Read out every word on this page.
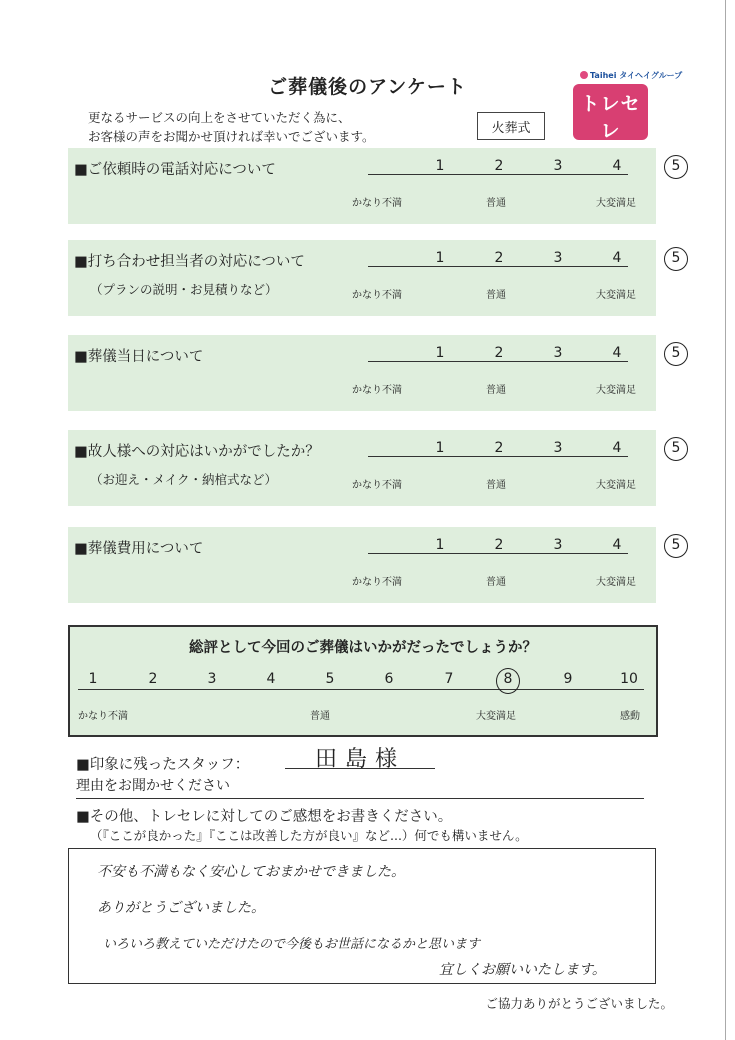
ご葬儀後のアンケート
更なるサービスの向上をさせていただく為に、
お客様の声をお聞かせ頂ければ幸いでございます。
火葬式
Taihei タイヘイグループ
トレセレ
■ご依頼時の電話対応について	1	2	3	4	5
かなり不満	普通	大変満足
■打ち合わせ担当者の対応について
（プランの説明・お見積りなど）
1	2	3	4	5
かなり不満	普通	大変満足
■葬儀当日について	1	2	3	4	5
かなり不満	普通	大変満足
■故人様への対応はいかがでしたか？
（お迎え・メイク・納棺式など）
1	2	3	4	5
かなり不満	普通	大変満足
■葬儀費用について	1	2	3	4	5
かなり不満	普通	大変満足
総評として今回のご葬儀はいかがだったでしょうか？
1	2	3	4	5	6	7	8	9	10
かなり不満	普通	大変満足	感動
■印象に残ったスタッフ：	田島様
理由をお聞かせください
■その他、トレセレに対してのご感想をお書きください。
（『ここが良かった』『ここは改善した方が良い』など...）何でも構いません。
不安も不満もなく安心しておまかせできました。
ありがとうございました。
いろいろ教えていただけたので今後もお世話になるかと思います
宜しくお願いいたします。
ご協力ありがとうございました。
